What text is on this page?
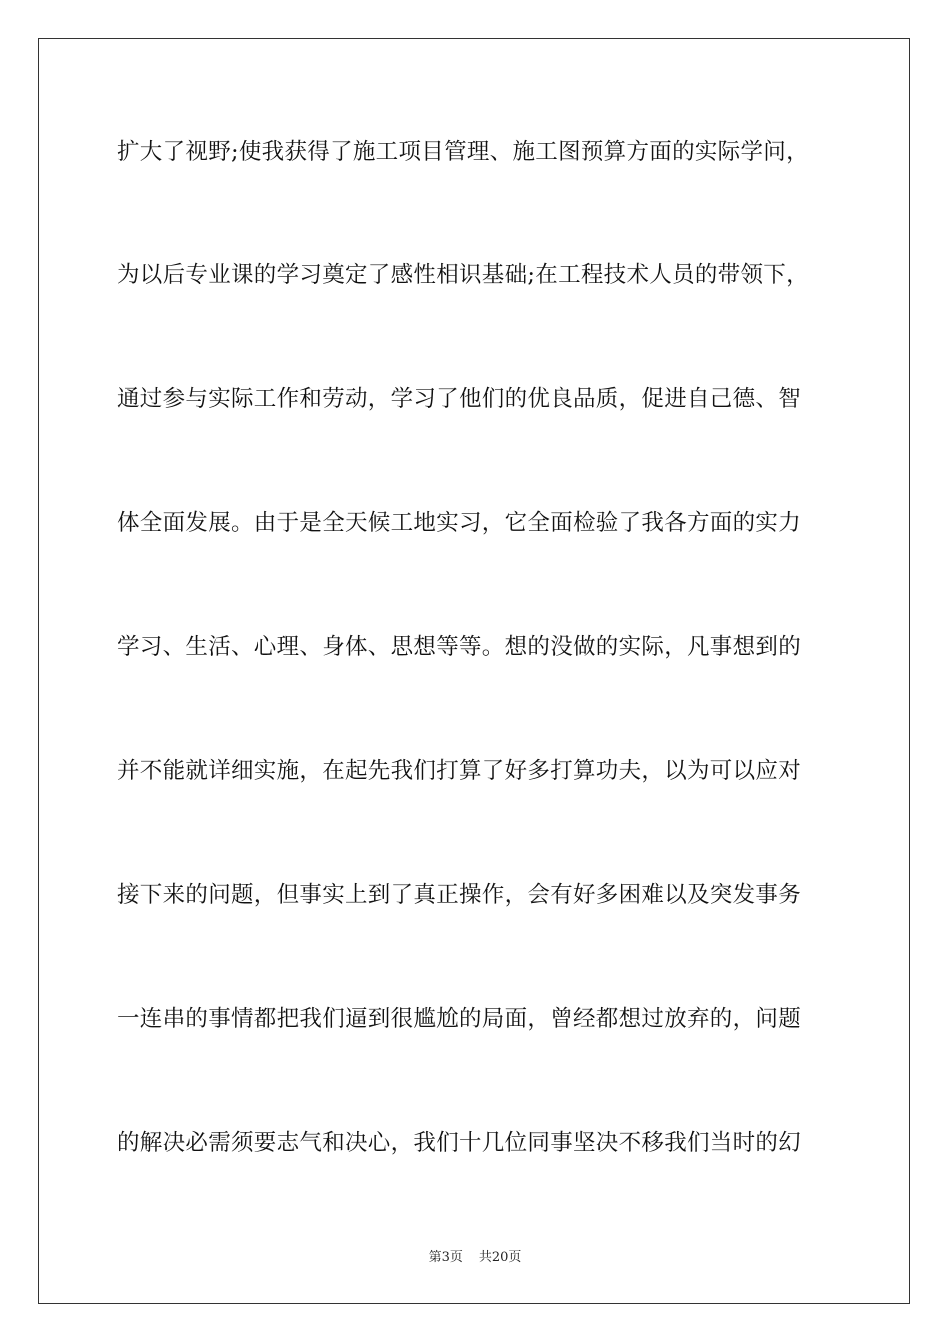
扩大了视野;使我获得了施工项目管理、施工图预算方面的实际学问，
为以后专业课的学习奠定了感性相识基础;在工程技术人员的带领下，
通过参与实际工作和劳动，学习了他们的优良品质，促进自己德、智
体全面发展。由于是全天候工地实习，它全面检验了我各方面的实力
学习、生活、心理、身体、思想等等。想的没做的实际，凡事想到的
并不能就详细实施，在起先我们打算了好多打算功夫，以为可以应对
接下来的问题，但事实上到了真正操作，会有好多困难以及突发事务
一连串的事情都把我们逼到很尴尬的局面，曾经都想过放弃的，问题
的解决必需须要志气和决心，我们十几位同事坚决不移我们当时的幻
第3页 共20页
